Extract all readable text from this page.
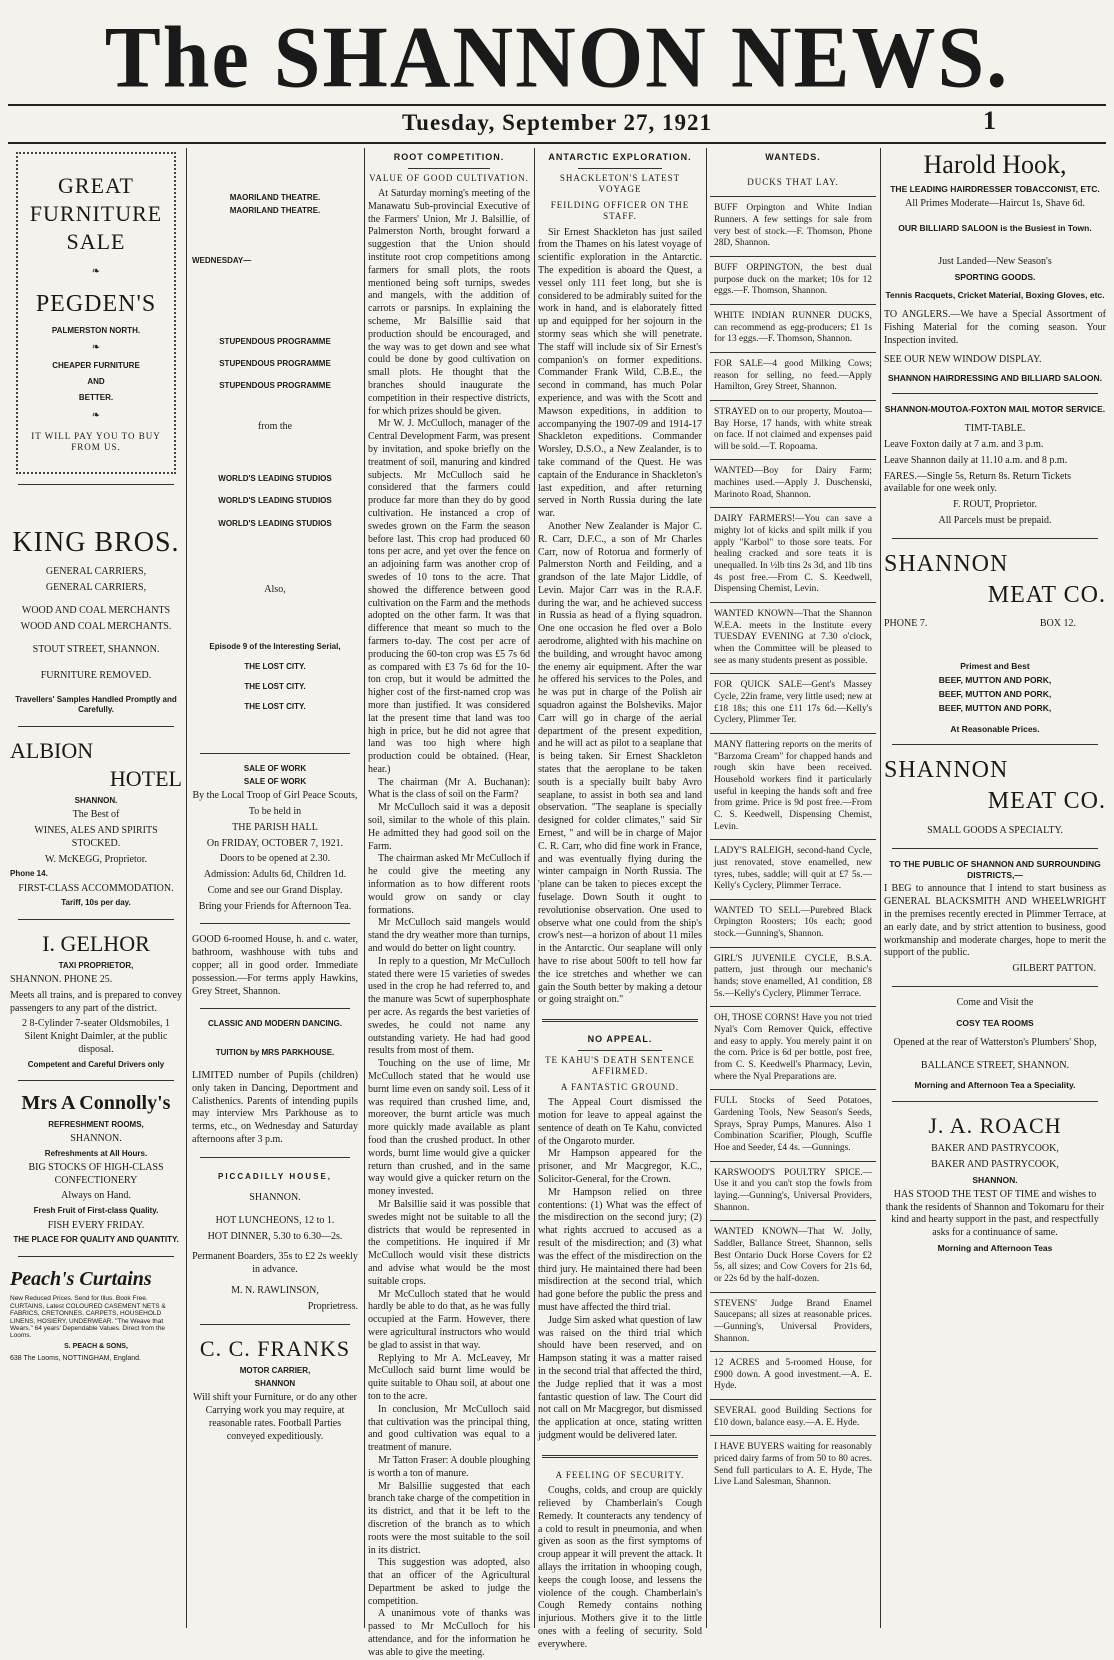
The SHANNON NEWS.
Tuesday, September 27, 1921	1
GREAT
FURNITURE
SALE
❧
PEGDEN'S
PALMERSTON NORTH.
❧
CHEAPER FURNITURE
AND
BETTER.
❧
IT WILL PAY YOU TO BUY FROM US.
KING BROS.

GENERAL CARRIERS,

GENERAL CARRIERS,

WOOD AND COAL MERCHANTS

WOOD AND COAL MERCHANTS.

STOUT STREET, SHANNON.

FURNITURE REMOVED.

Travellers' Samples Handled Promptly and Carefully.

ALBION
HOTEL

SHANNON.

The Best of

WINES, ALES AND SPIRITS STOCKED.

W. McKEGG, Proprietor.

Phone 14.

FIRST-CLASS ACCOMMODATION.

Tariff, 10s per day.

I. GELHOR

TAXI PROPRIETOR,

SHANNON. PHONE 25.

Meets all trains, and is prepared to convey passengers to any part of the district.

2 8-Cylinder 7-seater Oldsmobiles, 1 Silent Knight Daimler, at the public disposal.

Competent and Careful Drivers only

Mrs A Connolly's

REFRESHMENT ROOMS,

SHANNON.

Refreshments at All Hours.

BIG STOCKS OF HIGH-CLASS CONFECTIONERY

Always on Hand.

Fresh Fruit of First-class Quality.

FISH EVERY FRIDAY.

THE PLACE FOR QUALITY AND QUANTITY.

Peach's Curtains

New Reduced Prices. Send for Illus. Book Free. CURTAINS, Latest COLOURED CASEMENT NETS & FABRICS, CRETONNES, CARPETS, HOUSEHOLD LINENS, HOSIERY, UNDERWEAR. "The Weave that Wears." 64 years' Dependable Values. Direct from the Looms.

S. PEACH & SONS,

638 The Looms, NOTTINGHAM, England.

MAORILAND THEATRE.

MAORILAND THEATRE.

WEDNESDAY—

STUPENDOUS PROGRAMME

STUPENDOUS PROGRAMME

STUPENDOUS PROGRAMME

from the

WORLD'S LEADING STUDIOS

WORLD'S LEADING STUDIOS

WORLD'S LEADING STUDIOS

Also,

Episode 9 of the Interesting Serial,

THE LOST CITY.

THE LOST CITY.

THE LOST CITY.

SALE OF WORK

SALE OF WORK

By the Local Troop of Girl Peace Scouts,

To be held in

THE PARISH HALL

On FRIDAY, OCTOBER 7, 1921.

Doors to be opened at 2.30.

Admission: Adults 6d, Children 1d.

Come and see our Grand Display.

Bring your Friends for Afternoon Tea.

GOOD 6-roomed House, h. and c. water, bathroom, washhouse with tubs and copper; all in good order. Immediate possession.—For terms apply Hawkins, Grey Street, Shannon.

CLASSIC AND MODERN DANCING.

TUITION by MRS PARKHOUSE.

LIMITED number of Pupils (children) only taken in Dancing, Deportment and Calisthenics. Parents of intending pupils may interview Mrs Parkhouse as to terms, etc., on Wednesday and Saturday afternoons after 3 p.m.

PICCADILLY HOUSE,

SHANNON.

HOT LUNCHEONS, 12 to 1.

HOT DINNER, 5.30 to 6.30—2s.

Permanent Boarders, 35s to £2 2s weekly in advance.

M. N. RAWLINSON,

Proprietress.

C. C. FRANKS

MOTOR CARRIER,

SHANNON

Will shift your Furniture, or do any other Carrying work you may require, at reasonable rates. Football Parties conveyed expeditiously.

ROOT COMPETITION.
VALUE OF GOOD CULTIVATION.

At Saturday morning's meeting of the Manawatu Sub-provincial Executive of the Farmers' Union, Mr J. Balsillie, of Palmerston North, brought forward a suggestion that the Union should institute root crop competitions among farmers for small plots, the roots mentioned being soft turnips, swedes and mangels, with the addition of carrots or parsnips. In explaining the scheme, Mr Balsillie said that production should be encouraged, and the way was to get down and see what could be done by good cultivation on small plots. He thought that the branches should inaugurate the competition in their respective districts, for which prizes should be given.

Mr W. J. McCulloch, manager of the Central Development Farm, was present by invitation, and spoke briefly on the treatment of soil, manuring and kindred subjects. Mr McCulloch said he considered that the farmers could produce far more than they do by good cultivation. He instanced a crop of swedes grown on the Farm the season before last. This crop had produced 60 tons per acre, and yet over the fence on an adjoining farm was another crop of swedes of 10 tons to the acre. That showed the difference between good cultivation on the Farm and the methods adopted on the other farm. It was that difference that meant so much to the farmers to-day. The cost per acre of producing the 60-ton crop was £5 7s 6d as compared with £3 7s 6d for the 10-ton crop, but it would be admitted the higher cost of the first-named crop was more than justified. It was considered lat the present time that land was too high in price, but he did not agree that land was too high where high production could be obtained. (Hear, hear.)

The chairman (Mr A. Buchanan): What is the class of soil on the Farm?

Mr McCulloch said it was a deposit soil, similar to the whole of this plain. He admitted they had good soil on the Farm.

The chairman asked Mr McCulloch if he could give the meeting any information as to how different roots would grow on sandy or clay formations.

Mr McCulloch said mangels would stand the dry weather more than turnips, and would do better on light country.

In reply to a question, Mr McCulloch stated there were 15 varieties of swedes used in the crop he had referred to, and the manure was 5cwt of superphosphate per acre. As regards the best varieties of swedes, he could not name any outstanding variety. He had had good results from most of them.

Touching on the use of lime, Mr McCulloch stated that he would use burnt lime even on sandy soil. Less of it was required than crushed lime, and, moreover, the burnt article was much more quickly made available as plant food than the crushed product. In other words, burnt lime would give a quicker return than crushed, and in the same way would give a quicker return on the money invested.

Mr Balsillie said it was possible that swedes might not be suitable to all the districts that would be represented in the competitions. He inquired if Mr McCulloch would visit these districts and advise what would be the most suitable crops.

Mr McCulloch stated that he would hardly be able to do that, as he was fully occupied at the Farm. However, there were agricultural instructors who would be glad to assist in that way.

Replying to Mr A. McLeavey, Mr McCulloch said burnt lime would be quite suitable to Ohau soil, at about one ton to the acre.

In conclusion, Mr McCulloch said that cultivation was the principal thing, and good cultivation was equal to a treatment of manure.

Mr Tatton Fraser: A double ploughing is worth a ton of manure.

Mr Balsillie suggested that each branch take charge of the competition in its district, and that it be left to the discretion of the branch as to which roots were the most suitable to the soil in its district.

This suggestion was adopted, also that an officer of the Agricultural Department be asked to judge the competition.

A unanimous vote of thanks was passed to Mr McCulloch for his attendance, and for the information he was able to give the meeting.

ANTARCTIC EXPLORATION.
SHACKLETON'S LATEST VOYAGE
FEILDING OFFICER ON THE STAFF.

Sir Ernest Shackleton has just sailed from the Thames on his latest voyage of scientific exploration in the Antarctic. The expedition is aboard the Quest, a vessel only 111 feet long, but she is considered to be admirably suited for the work in hand, and is elaborately fitted up and equipped for her sojourn in the stormy seas which she will penetrate. The staff will include six of Sir Ernest's companion's on former expeditions. Commander Frank Wild, C.B.E., the second in command, has much Polar experience, and was with the Scott and Mawson expeditions, in addition to accompanying the 1907-09 and 1914-17 Shackleton expeditions. Commander Worsley, D.S.O., a New Zealander, is to take command of the Quest. He was captain of the Endurance in Shackleton's last expedition, and after returning served in North Russia during the late war.

Another New Zealander is Major C. R. Carr, D.F.C., a son of Mr Charles Carr, now of Rotorua and formerly of Palmerston North and Feilding, and a grandson of the late Major Liddle, of Levin. Major Carr was in the R.A.F. during the war, and he achieved success in Russia as head of a flying squadron. One one occasion he fled over a Bolo aerodrome, alighted with his machine on the building, and wrought havoc among the enemy air equipment. After the war he offered his services to the Poles, and he was put in charge of the Polish air squadron against the Bolsheviks. Major Carr will go in charge of the aerial department of the present expedition, and he will act as pilot to a seaplane that is being taken. Sir Ernest Shackleton states that the aeroplane to be taken south is a specially built baby Avro seaplane, to assist in both sea and land observation. "The seaplane is specially designed for colder climates," said Sir Ernest, " and will be in charge of Major C. R. Carr, who did fine work in France, and was eventually flying during the winter campaign in North Russia. The 'plane can be taken to pieces except the fuselage. Down South it ought to revolutionise observation. One used to observe what one could from the ship's crow's nest—a horizon of about 11 miles in the Antarctic. Our seaplane will only have to rise about 500ft to tell how far the ice stretches and whether we can gain the South better by making a detour or going straight on."

NO APPEAL.
TE KAHU'S DEATH SENTENCE AFFIRMED.
A FANTASTIC GROUND.

The Appeal Court dismissed the motion for leave to appeal against the sentence of death on Te Kahu, convicted of the Ongaroto murder.

Mr Hampson appeared for the prisoner, and Mr Macgregor, K.C., Solicitor-General, for the Crown.

Mr Hampson relied on three contentions: (1) What was the effect of the misdirection on the second jury; (2) what rights accrued to accused as a result of the misdirection; and (3) what was the effect of the misdirection on the third jury. He maintained there had been misdirection at the second trial, which had gone before the public the press and must have affected the third trial.

Judge Sim asked what question of law was raised on the third trial which should have been reserved, and on Hampson stating it was a matter raised in the second trial that affected the third, the Judge replied that it was a most fantastic question of law. The Court did not call on Mr Macgregor, but dismissed the application at once, stating written judgment would be delivered later.

A FEELING OF SECURITY.

Coughs, colds, and croup are quickly relieved by Chamberlain's Cough Remedy. It counteracts any tendency of a cold to result in pneumonia, and when given as soon as the first symptoms of croup appear it will prevent the attack. It allays the irritation in whooping cough, keeps the cough loose, and lessens the violence of the cough. Chamberlain's Cough Remedy contains nothing injurious. Mothers give it to the little ones with a feeling of security. Sold everywhere.

WANTEDS.
DUCKS THAT LAY.
BUFF Orpington and White Indian Runners. A few settings for sale from very best of stock.—F. Thomson, Phone 28D, Shannon.
BUFF ORPINGTON, the best dual purpose duck on the market; 10s for 12 eggs.—F. Thomson, Shannon.
WHITE INDIAN RUNNER DUCKS, can recommend as egg-producers; £1 1s for 13 eggs.—F. Thomson, Shannon.
FOR SALE—4 good Milking Cows; reason for selling, no feed.—Apply Hamilton, Grey Street, Shannon.
STRAYED on to our property, Moutoa—Bay Horse, 17 hands, with white streak on face. If not claimed and expenses paid will be sold.—T. Ropoama.
WANTED—Boy for Dairy Farm; machines used.—Apply J. Duschenski, Marinoto Road, Shannon.
DAIRY FARMERS!—You can save a mighty lot of kicks and spilt milk if you apply "Karbol" to those sore teats. For healing cracked and sore teats it is unequalled. In ½lb tins 2s 3d, and 1lb tins 4s post free.—From C. S. Keedwell, Dispensing Chemist, Levin.
WANTED KNOWN—That the Shannon W.E.A. meets in the Institute every TUESDAY EVENING at 7.30 o'clock, when the Committee will be pleased to see as many students present as possible.
FOR QUICK SALE—Gent's Massey Cycle, 22in frame, very little used; new at £18 18s; this one £11 17s 6d.—Kelly's Cyclery, Plimmer Ter.
MANY flattering reports on the merits of "Barzoma Cream" for chapped hands and rough skin have been received. Household workers find it particularly useful in keeping the hands soft and free from grime. Price is 9d post free.—From C. S. Keedwell, Dispensing Chemist, Levin.
LADY'S RALEIGH, second-hand Cycle, just renovated, stove enamelled, new tyres, tubes, saddle; will quit at £7 5s.—Kelly's Cyclery, Plimmer Terrace.
WANTED TO SELL—Purebred Black Orpington Roosters; 10s each; good stock.—Gunning's, Shannon.
GIRL'S JUVENILE CYCLE, B.S.A. pattern, just through our mechanic's hands; stove enamelled, A1 condition, £8 5s.—Kelly's Cyclery, Plimmer Terrace.
OH, THOSE CORNS! Have you not tried Nyal's Corn Remover Quick, effective and easy to apply. You merely paint it on the corn. Price is 6d per bottle, post free, from C. S. Keedwell's Pharmacy, Levin, where the Nyal Preparations are.
FULL Stocks of Seed Potatoes, Gardening Tools, New Season's Seeds, Sprays, Spray Pumps, Manures. Also 1 Combination Scarifier, Plough, Scuffle Hoe and Seeder, £4 4s. —Gunnings.
KARSWOOD'S POULTRY SPICE.—Use it and you can't stop the fowls from laying.—Gunning's, Universal Providers, Shannon.
WANTED KNOWN—That W. Jolly, Saddler, Ballance Street, Shannon, sells Best Ontario Duck Horse Covers for £2 5s, all sizes; and Cow Covers for 21s 6d, or 22s 6d by the half-dozen.
STEVENS' Judge Brand Enamel Saucepans; all sizes at reasonable prices.—Gunning's, Universal Providers, Shannon.
12 ACRES and 5-roomed House, for £900 down. A good investment.—A. E. Hyde.
SEVERAL good Building Sections for £10 down, balance easy.—A. E. Hyde.
I HAVE BUYERS waiting for reasonably priced dairy farms of from 50 to 80 acres. Send full particulars to A. E. Hyde, The Live Land Salesman, Shannon.
Harold Hook,

THE LEADING HAIRDRESSER TOBACCONIST, ETC.

All Primes Moderate—Haircut 1s, Shave 6d.

OUR BILLIARD SALOON is the Busiest in Town.

Just Landed—New Season's

SPORTING GOODS.

Tennis Racquets, Cricket Material, Boxing Gloves, etc.

TO ANGLERS.—We have a Special Assortment of Fishing Material for the coming season. Your Inspection invited.

SEE OUR NEW WINDOW DISPLAY.

SHANNON HAIRDRESSING AND BILLIARD SALOON.

SHANNON-MOUTOA-FOXTON MAIL MOTOR SERVICE.

TIMT-TABLE.

Leave Foxton daily at 7 a.m. and 3 p.m.

Leave Shannon daily at 11.10 a.m. and 8 p.m.

FARES.—Single 5s, Return 8s. Return Tickets available for one week only.

F. ROUT, Proprietor.

All Parcels must be prepaid.

SHANNON
MEAT CO.

PHONE 7.	BOX 12.

Primest and Best

BEEF, MUTTON AND PORK,

BEEF, MUTTON AND PORK,

BEEF, MUTTON AND PORK,

At Reasonable Prices.

SHANNON
MEAT CO.

SMALL GOODS A SPECIALTY.

TO THE PUBLIC OF SHANNON AND SURROUNDING DISTRICTS,—

I BEG to announce that I intend to start business as GENERAL BLACKSMITH AND WHEELWRIGHT in the premises recently erected in Plimmer Terrace, at an early date, and by strict attention to business, good workmanship and moderate charges, hope to merit the support of the public.

GILBERT PATTON.

Come and Visit the

COSY TEA ROOMS

Opened at the rear of Watterston's Plumbers' Shop,

BALLANCE STREET, SHANNON.

Morning and Afternoon Tea a Speciality.

J. A. ROACH

BAKER AND PASTRYCOOK,

BAKER AND PASTRYCOOK,

SHANNON.

HAS STOOD THE TEST OF TIME and wishes to thank the residents of Shannon and Tokomaru for their kind and hearty support in the past, and respectfully asks for a continuance of same.

Morning and Afternoon Teas
